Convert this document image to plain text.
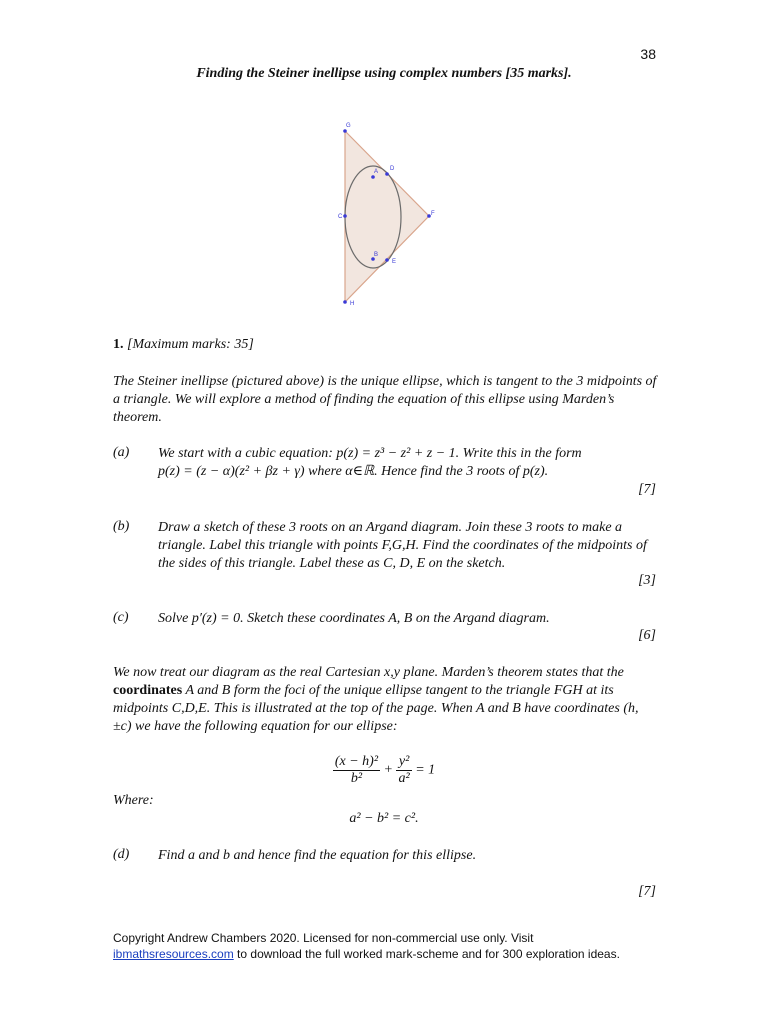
38
Finding the Steiner inellipse using complex numbers [35 marks].
G
D
A
C	F
B
E
H
1. [Maximum marks: 35]
The Steiner inellipse (pictured above) is the unique ellipse, which is tangent to the 3 midpoints of a triangle. We will explore a method of finding the equation of this ellipse using Marden’s theorem.
(a) We start with a cubic equation: p(z) = z³ − z² + z − 1. Write this in the form
p(z) = (z − α)(z² + βz + γ) where α∈ℝ. Hence find the 3 roots of p(z).
[7]
(b) Draw a sketch of these 3 roots on an Argand diagram. Join these 3 roots to make a triangle. Label this triangle with points F,G,H. Find the coordinates of the midpoints of the sides of this triangle. Label these as C, D, E on the sketch.
[3]
(c) Solve p′(z) = 0. Sketch these coordinates A, B on the Argand diagram.
[6]
We now treat our diagram as the real Cartesian x,y plane. Marden’s theorem states that the coordinates A and B form the foci of the unique ellipse tangent to the triangle FGH at its midpoints C,D,E. This is illustrated at the top of the page. When A and B have coordinates (h, ±c) we have the following equation for our ellipse:
$\frac{\text{(x − h)²}}{\text{b²}} + \frac{\text{y²}}{\text{a²}} = 1$
Where:
a² − b² = c².
(d) Find a and b and hence find the equation for this ellipse.
[7]
Copyright Andrew Chambers 2020. Licensed for non-commercial use only. Visit
ibmathsresources.com to download the full worked mark-scheme and for 300 exploration ideas.
